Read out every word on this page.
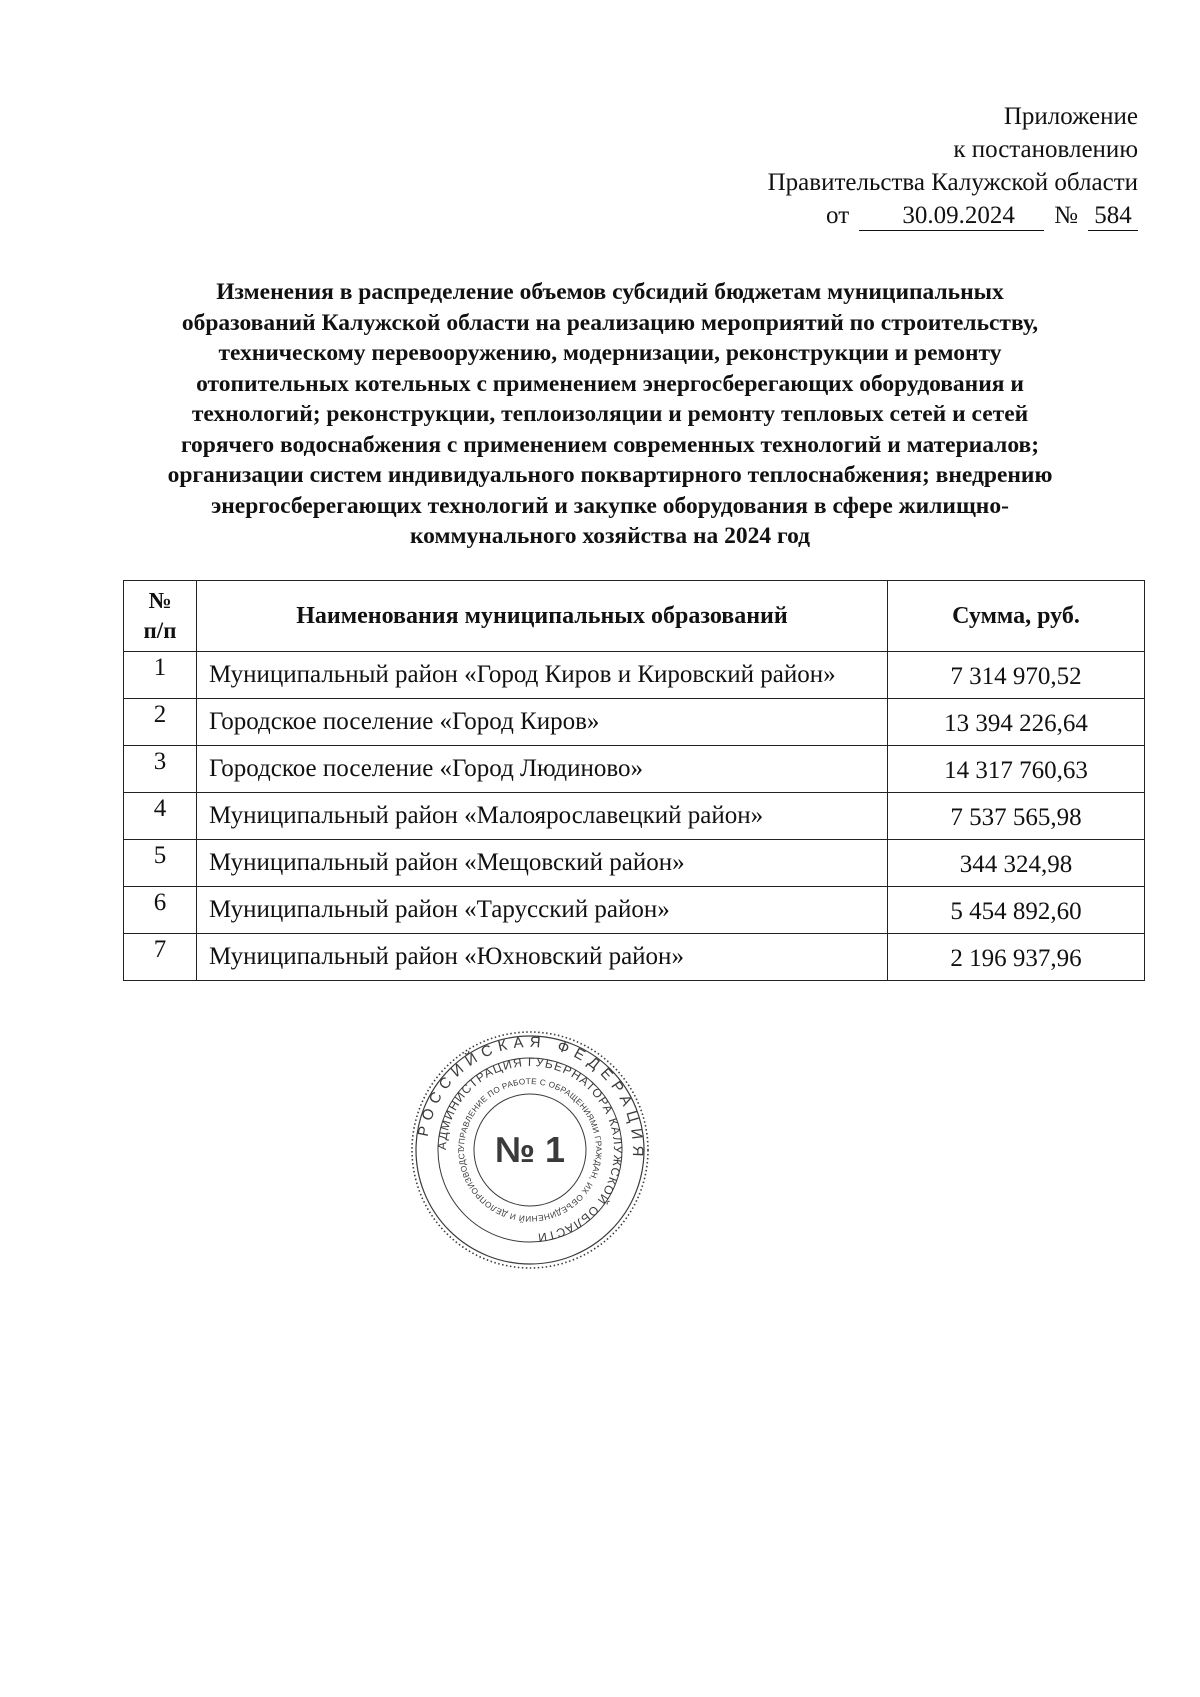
Приложение
к постановлению
Правительства Калужской области
от 30.09.2024 № 584
Изменения в распределение объемов субсидий бюджетам муниципальных
образований Калужской области на реализацию мероприятий по строительству,
техническому перевооружению, модернизации, реконструкции и ремонту
отопительных котельных с применением энергосберегающих оборудования и
технологий; реконструкции, теплоизоляции и ремонту тепловых сетей и сетей
горячего водоснабжения с применением современных технологий и материалов;
организации систем индивидуального поквартирного теплоснабжения; внедрению
энергосберегающих технологий и закупке оборудования в сфере жилищно-
коммунального хозяйства на 2024 год
№
п/п	Наименования муниципальных образований	Сумма, руб.
1	Муниципальный район «Город Киров и Кировский район»	7 314 970,52
2	Городское поселение «Город Киров»	13 394 226,64
3	Городское поселение «Город Людиново»	14 317 760,63
4	Муниципальный район «Малоярославецкий район»	7 537 565,98
5	Муниципальный район «Мещовский район»	344 324,98
6	Муниципальный район «Тарусский район»	5 454 892,60
7	Муниципальный район «Юхновский район»	2 196 937,96
РОССИЙСКАЯ ФЕДЕРАЦИЯ
АДМИНИСТРАЦИЯ ГУБЕРНАТОРА КАЛУЖСКОЙ ОБЛАСТИ
УПРАВЛЕНИЕ ПО РАБОТЕ С ОБРАЩЕНИЯМИ ГРАЖДАН, ИХ ОБЪЕДИНЕНИЙ И ДЕЛОПРОИЗВОДСТ № 1
